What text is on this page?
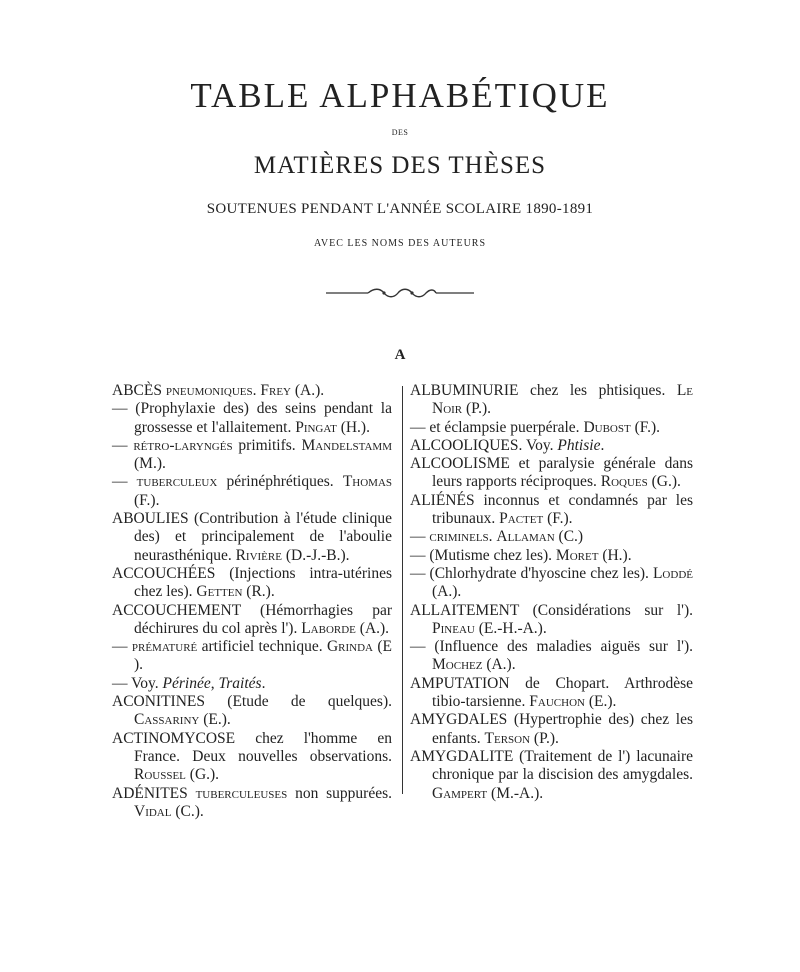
TABLE ALPHABÉTIQUE
DES
MATIÈRES DES THÈSES
SOUTENUES PENDANT L'ANNÉE SCOLAIRE 1890-1891
AVEC LES NOMS DES AUTEURS
A

ABCÈS pneumoniques. Frey (A.).

— (Prophylaxie des) des seins pendant la grossesse et l'allaitement. Pingat (H.).

— rétro-laryngés primitifs. Mandelstamm (M.).

— tuberculeux périnéphrétiques. Thomas (F.).

ABOULIES (Contribution à l'étude clinique des) et principalement de l'aboulie neurasthénique. Rivière (D.-J.-B.).

ACCOUCHÉES (Injections intra-utérines chez les). Getten (R.).

ACCOUCHEMENT (Hémorrhagies par déchirures du col après l'). Laborde (A.).

— prématuré artificiel technique. Grinda (E ).

— Voy. Périnée, Traités.

ACONITINES (Etude de quelques). Cassariny (E.).

ACTINOMYCOSE chez l'homme en France. Deux nouvelles observations. Roussel (G.).

ADÉNITES tuberculeuses non suppurées. Vidal (C.).

ALBUMINURIE chez les phtisiques. Le Noir (P.).

— et éclampsie puerpérale. Dubost (F.).

ALCOOLIQUES. Voy. Phtisie.

ALCOOLISME et paralysie générale dans leurs rapports réciproques. Roques (G.).

ALIÉNÉS inconnus et condamnés par les tribunaux. Pactet (F.).

— criminels. Allaman (C.)

— (Mutisme chez les). Moret (H.).

— (Chlorhydrate d'hyoscine chez les). Loddé (A.).

ALLAITEMENT (Considérations sur l'). Pineau (E.-H.-A.).

— (Influence des maladies aiguës sur l'). Mochez (A.).

AMPUTATION de Chopart. Arthrodèse tibio-tarsienne. Fauchon (E.).

AMYGDALES (Hypertrophie des) chez les enfants. Terson (P.).

AMYGDALITE (Traitement de l') lacunaire chronique par la discision des amygdales. Gampert (M.-A.).
